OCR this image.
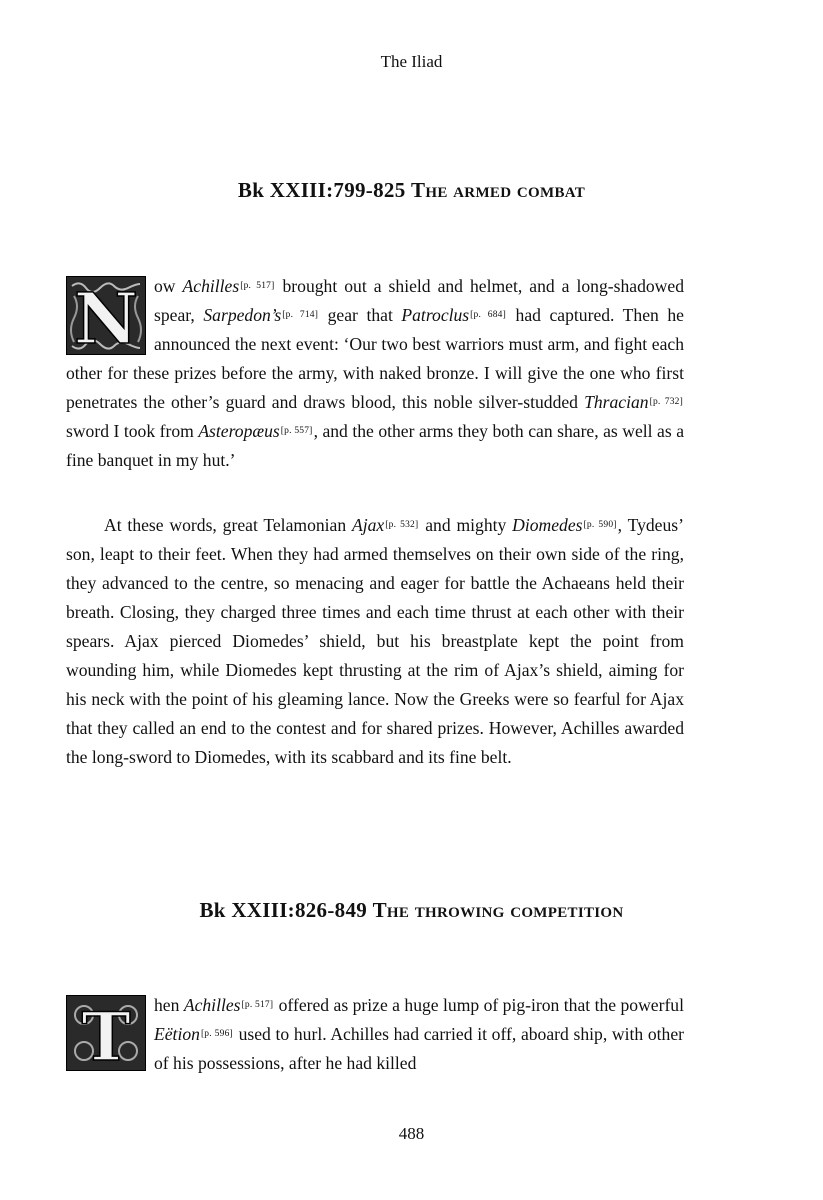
The Iliad
Bk XXIII:799-825 The armed combat

N ow Achilles[p. 517] brought out a shield and helmet, and a long-shadowed spear, Sarpedon’s[p. 714] gear that Patroclus[p. 684] had captured. Then he announced the next event: ‘Our two best warriors must arm, and fight each other for these prizes before the army, with naked bronze. I will give the one who first penetrates the other’s guard and draws blood, this noble silver-studded Thracian[p. 732] sword I took from Asteropæus[p. 557], and the other arms they both can share, as well as a fine banquet in my hut.’

At these words, great Telamonian Ajax[p. 532] and mighty Diomedes[p. 590], Tydeus’ son, leapt to their feet. When they had armed themselves on their own side of the ring, they advanced to the centre, so menacing and eager for battle the Achaeans held their breath. Closing, they charged three times and each time thrust at each other with their spears. Ajax pierced Diomedes’ shield, but his breastplate kept the point from wounding him, while Diomedes kept thrusting at the rim of Ajax’s shield, aiming for his neck with the point of his gleaming lance. Now the Greeks were so fearful for Ajax that they called an end to the contest and for shared prizes. However, Achilles awarded the long-sword to Diomedes, with its scabbard and its fine belt.

Bk XXIII:826-849 The throwing competition

T hen Achilles[p. 517] offered as prize a huge lump of pig-iron that the powerful Eëtion[p. 596] used to hurl. Achilles had carried it off, aboard ship, with other of his possessions, after he had killed

488
